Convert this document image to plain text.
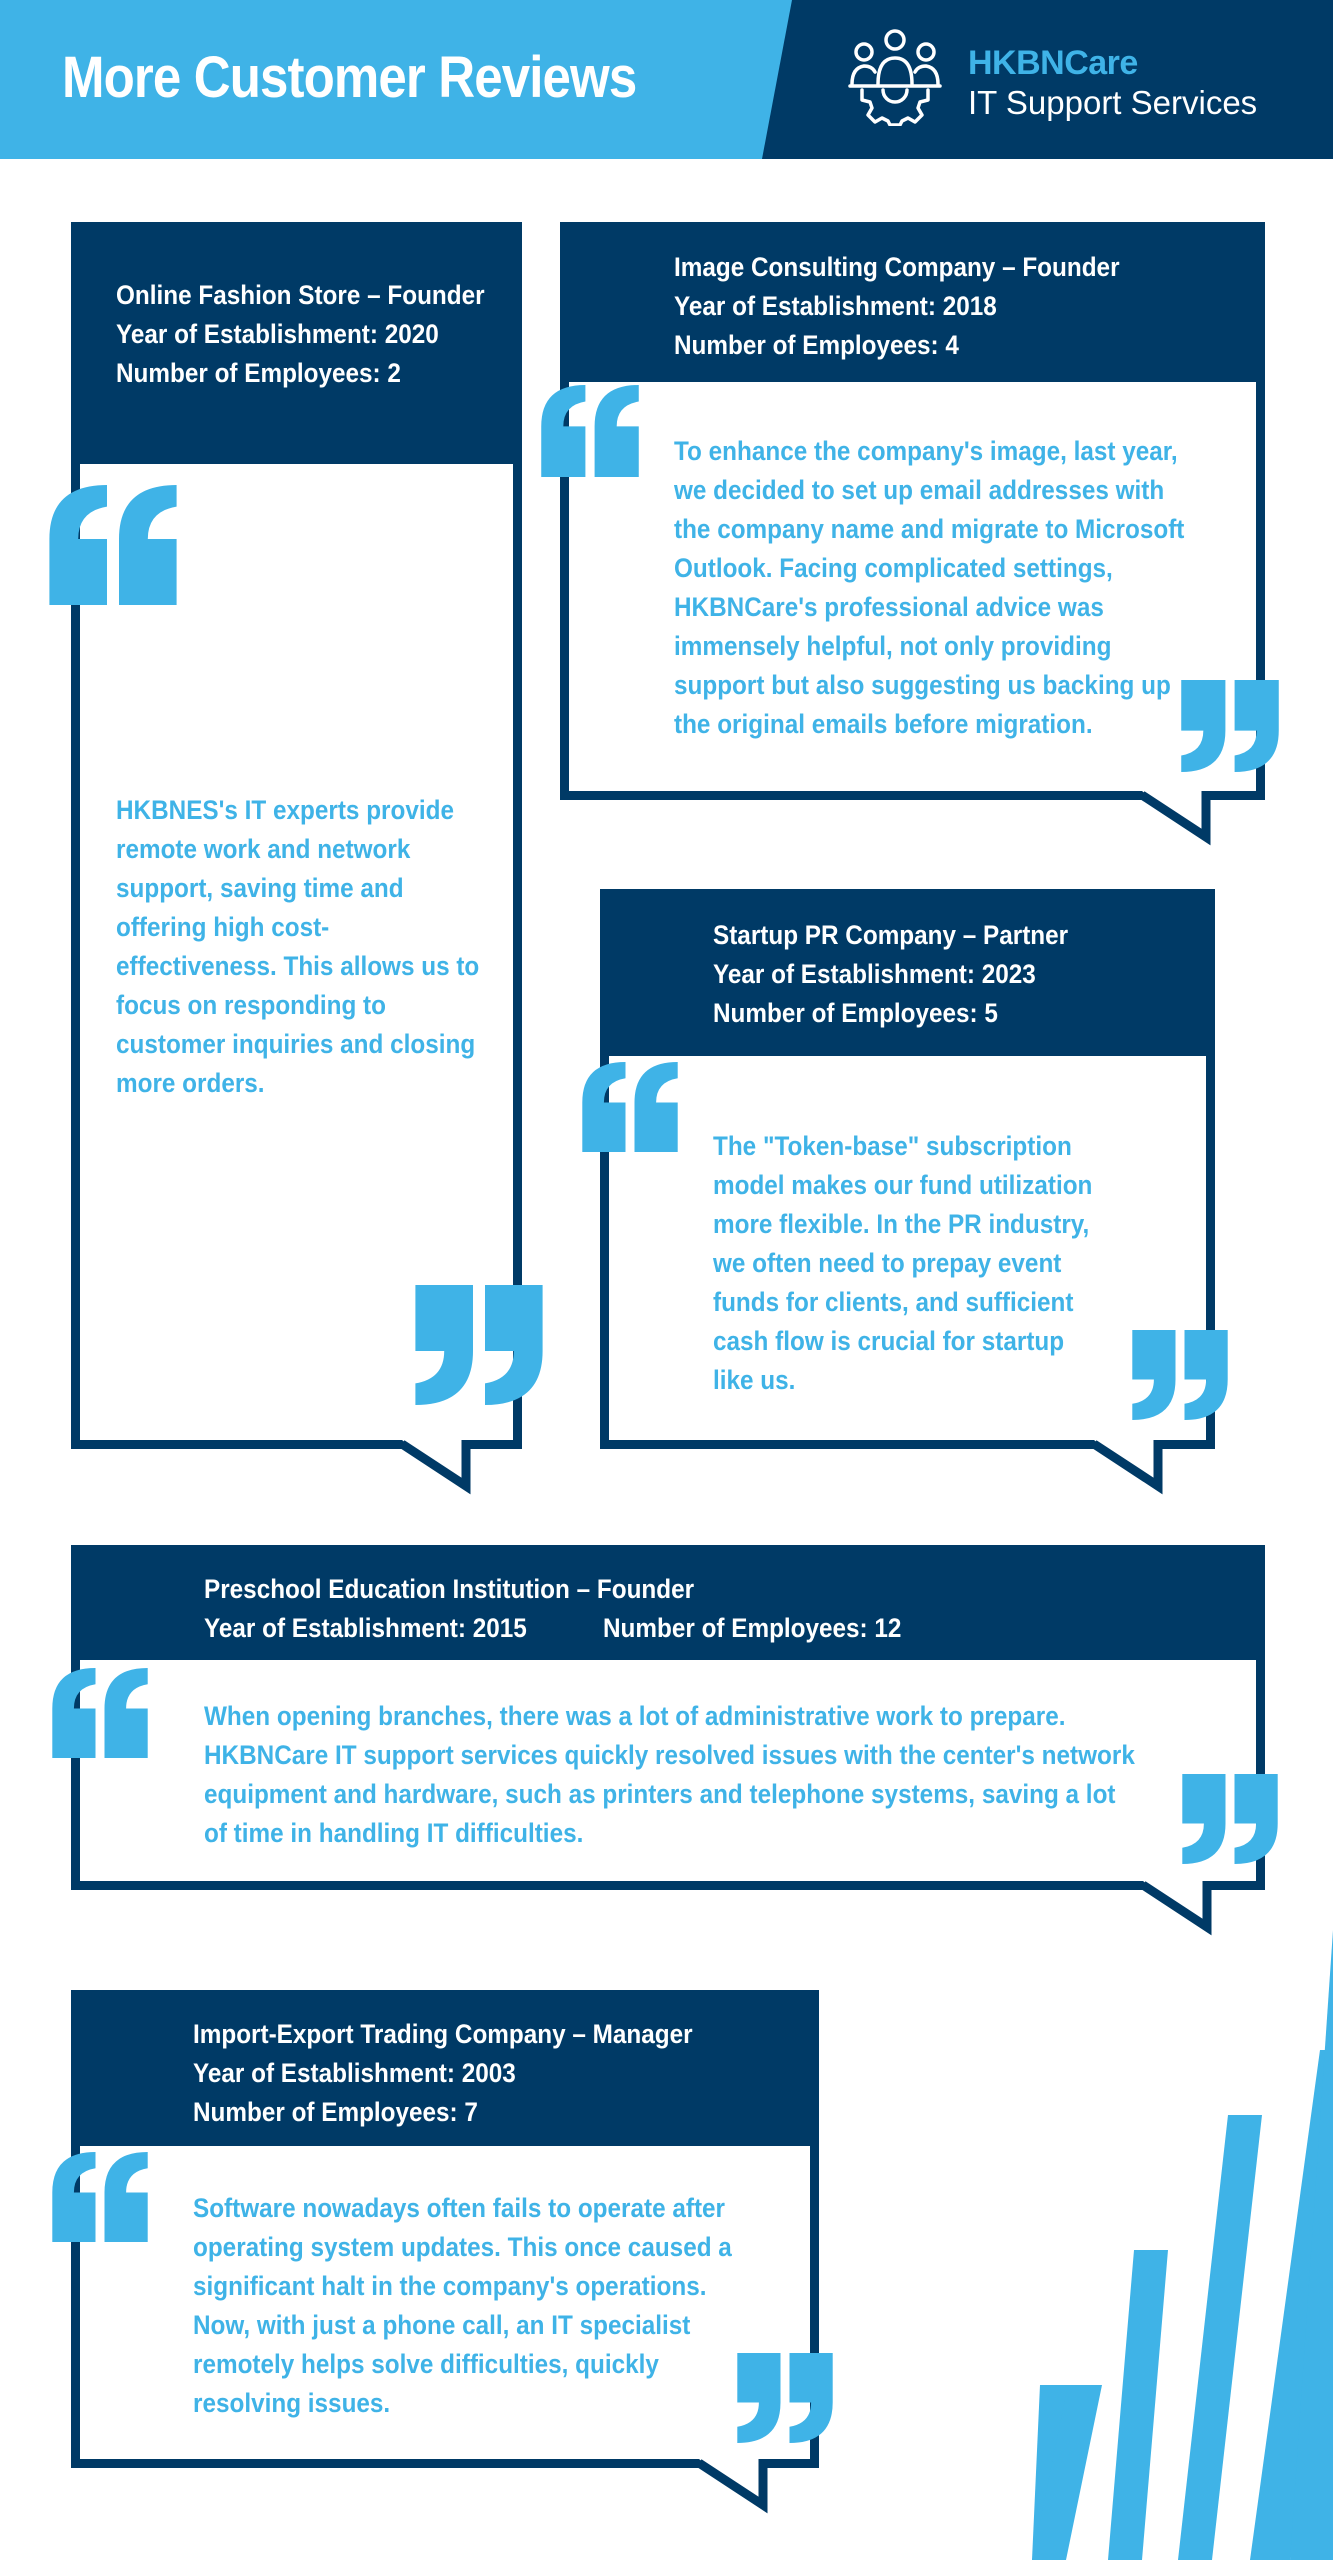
More Customer Reviews	HKBNCare
IT Support Services
Online Fashion Store – Founder
Year of Establishment: 2020
Number of Employees: 2
HKBNES's IT experts provide remote work and network support, saving time and offering high cost-effectiveness. This allows us to focus on responding to customer inquiries and closing more orders.
Image Consulting Company – Founder
Year of Establishment: 2018
Number of Employees: 4
To enhance the company's image, last year, we decided to set up email addresses with the company name and migrate to Microsoft Outlook. Facing complicated settings, HKBNCare's professional advice was immensely helpful, not only providing support but also suggesting us backing up the original emails before migration.
Startup PR Company – Partner
Year of Establishment: 2023
Number of Employees: 5
The "Token-base" subscription model makes our fund utilization more flexible. In the PR industry, we often need to prepay event funds for clients, and sufficient cash flow is crucial for startup like us.
Preschool Education Institution – Founder
Year of Establishment: 2015	Number of Employees: 12
When opening branches, there was a lot of administrative work to prepare. HKBNCare IT support services quickly resolved issues with the center's network equipment and hardware, such as printers and telephone systems, saving a lot of time in handling IT difficulties.
Import-Export Trading Company – Manager
Year of Establishment: 2003
Number of Employees: 7
Software nowadays often fails to operate after operating system updates. This once caused a significant halt in the company's operations. Now, with just a phone call, an IT specialist remotely helps solve difficulties, quickly resolving issues.
